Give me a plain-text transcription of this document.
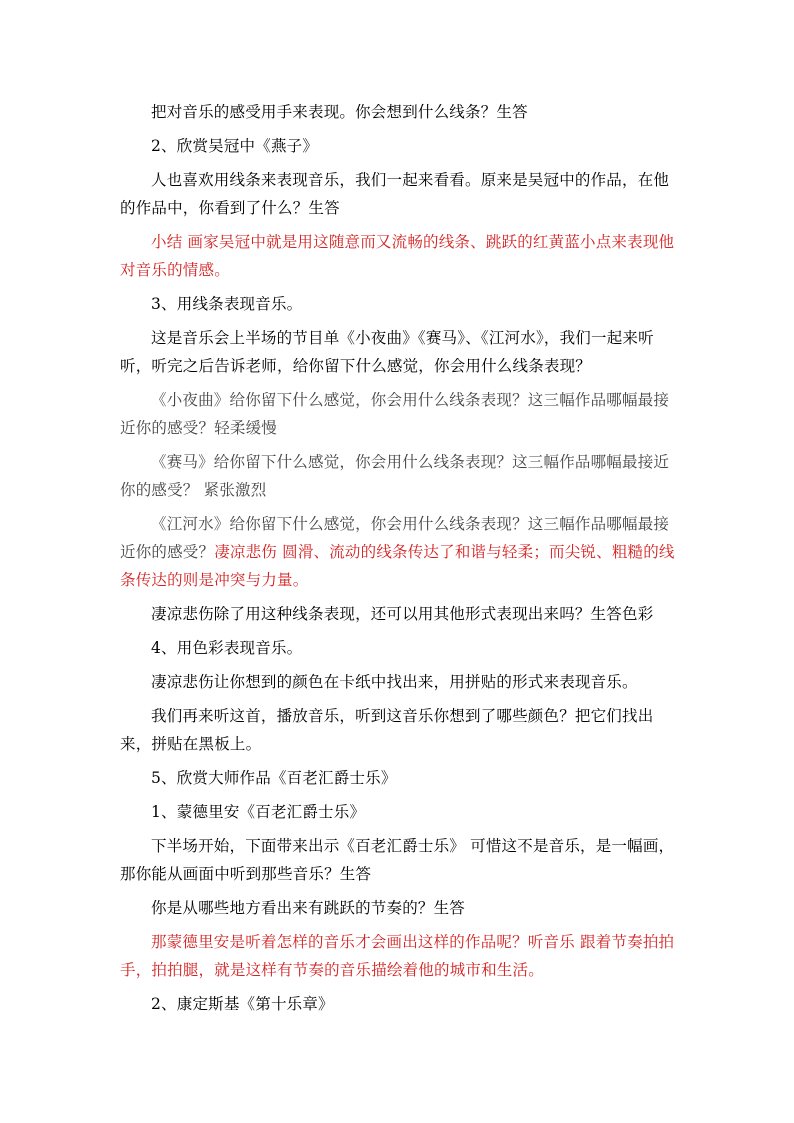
把对音乐的感受用手来表现。你会想到什么线条？生答

2、欣赏吴冠中《燕子》

人也喜欢用线条来表现音乐，我们一起来看看。原来是吴冠中的作品，在他的作品中，你看到了什么？生答

小结 画家吴冠中就是用这随意而又流畅的线条、跳跃的红黄蓝小点来表现他对音乐的情感。

3、用线条表现音乐。

这是音乐会上半场的节目单《小夜曲》《赛马》、《江河水》，我们一起来听听，听完之后告诉老师，给你留下什么感觉，你会用什么线条表现？

《小夜曲》给你留下什么感觉，你会用什么线条表现？这三幅作品哪幅最接近你的感受？轻柔缓慢

《赛马》给你留下什么感觉，你会用什么线条表现？这三幅作品哪幅最接近你的感受？ 紧张激烈

《江河水》给你留下什么感觉，你会用什么线条表现？这三幅作品哪幅最接近你的感受？凄凉悲伤 圆滑、流动的线条传达了和谐与轻柔；而尖锐、粗糙的线条传达的则是冲突与力量。

凄凉悲伤除了用这种线条表现，还可以用其他形式表现出来吗？生答色彩

4、用色彩表现音乐。

凄凉悲伤让你想到的颜色在卡纸中找出来，用拼贴的形式来表现音乐。

我们再来听这首，播放音乐，听到这音乐你想到了哪些颜色？把它们找出来，拼贴在黑板上。

5、欣赏大师作品《百老汇爵士乐》

1、蒙德里安《百老汇爵士乐》

下半场开始，下面带来出示《百老汇爵士乐》 可惜这不是音乐，是一幅画，那你能从画面中听到那些音乐？生答

你是从哪些地方看出来有跳跃的节奏的？生答

那蒙德里安是听着怎样的音乐才会画出这样的作品呢？听音乐 跟着节奏拍拍手，拍拍腿，就是这样有节奏的音乐描绘着他的城市和生活。

2、康定斯基《第十乐章》
